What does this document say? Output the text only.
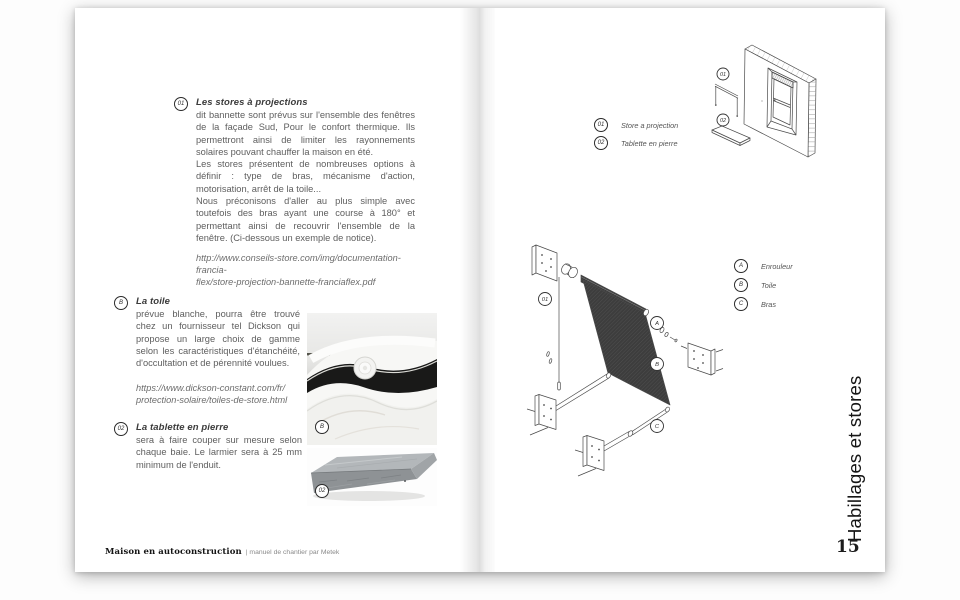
01	Les stores à projections

dit bannette sont prévus sur l'ensemble des fenêtres de la façade Sud, Pour le confort thermique. Ils permettront ainsi de limiter les rayonnements solaires pouvant chauffer la maison en été.

Les stores présentent de nombreuses options à définir : type de bras, mécanisme d'action, motorisation, arrêt de la toile...

Nous préconisons d'aller au plus simple avec toutefois des bras ayant une course à 180° et permettant ainsi de recouvrir l'ensemble de la fenêtre. (Ci-dessous un exemple de notice).

http://www.conseils-store.com/img/documentation-francia-
flex/store-projection-bannette-franciaflex.pdf
B	La toile

prévue blanche, pourra être trouvé chez un fournisseur tel Dickson qui propose un large choix de gamme selon les caractéristiques d'étanchéité, d'occultation et de pérennité voulues.

https://www.dickson-constant.com/fr/
protection-solaire/toiles-de-store.html
02	La tablette en pierre

sera à faire couper sur mesure selon chaque baie. Le larmier sera à 25 mm minimum de l'enduit.

B
02
Maison en autoconstruction | manuel de chantier par Metek
01
02
01	Store a projection
02	Tablette en pierre
01
A
B
C
A	Enrouleur
B	Toile
C	Bras
Habillages et stores
15
